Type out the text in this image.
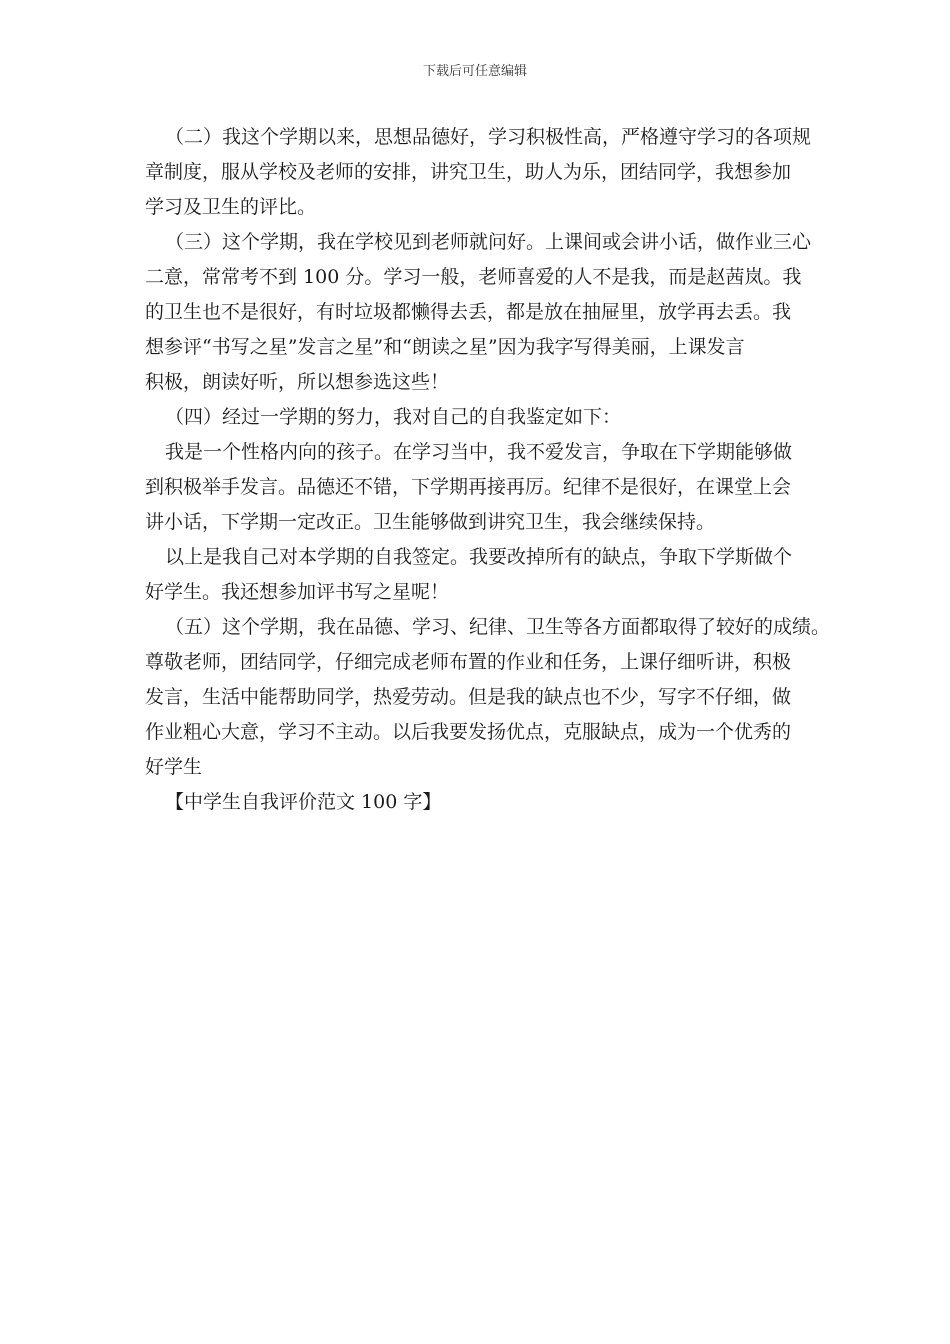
下载后可任意编辑
（二）我这个学期以来，思想品德好，学习积极性高，严格遵守学习的各项规
章制度，服从学校及老师的安排，讲究卫生，助人为乐，团结同学，我想参加
学习及卫生的评比。
（三）这个学期，我在学校见到老师就问好。上课间或会讲小话，做作业三心
二意，常常考不到 100 分。学习一般，老师喜爱的人不是我，而是赵茜岚。我
的卫生也不是很好，有时垃圾都懒得去丢，都是放在抽屉里，放学再去丢。我
想参评“书写之星”发言之星”和“朗读之星”因为我字写得美丽，上课发言
积极，朗读好听，所以想参选这些！
（四）经过一学期的努力，我对自己的自我鉴定如下：
我是一个性格内向的孩子。在学习当中，我不爱发言，争取在下学期能够做
到积极举手发言。品德还不错，下学期再接再厉。纪律不是很好，在课堂上会
讲小话，下学期一定改正。卫生能够做到讲究卫生，我会继续保持。
以上是我自己对本学期的自我签定。我要改掉所有的缺点，争取下学斯做个
好学生。我还想参加评书写之星呢！
（五）这个学期，我在品德、学习、纪律、卫生等各方面都取得了较好的成绩。
尊敬老师，团结同学，仔细完成老师布置的作业和任务，上课仔细听讲，积极
发言，生活中能帮助同学，热爱劳动。但是我的缺点也不少，写字不仔细，做
作业粗心大意，学习不主动。以后我要发扬优点，克服缺点，成为一个优秀的
好学生
【中学生自我评价范文 100 字】
